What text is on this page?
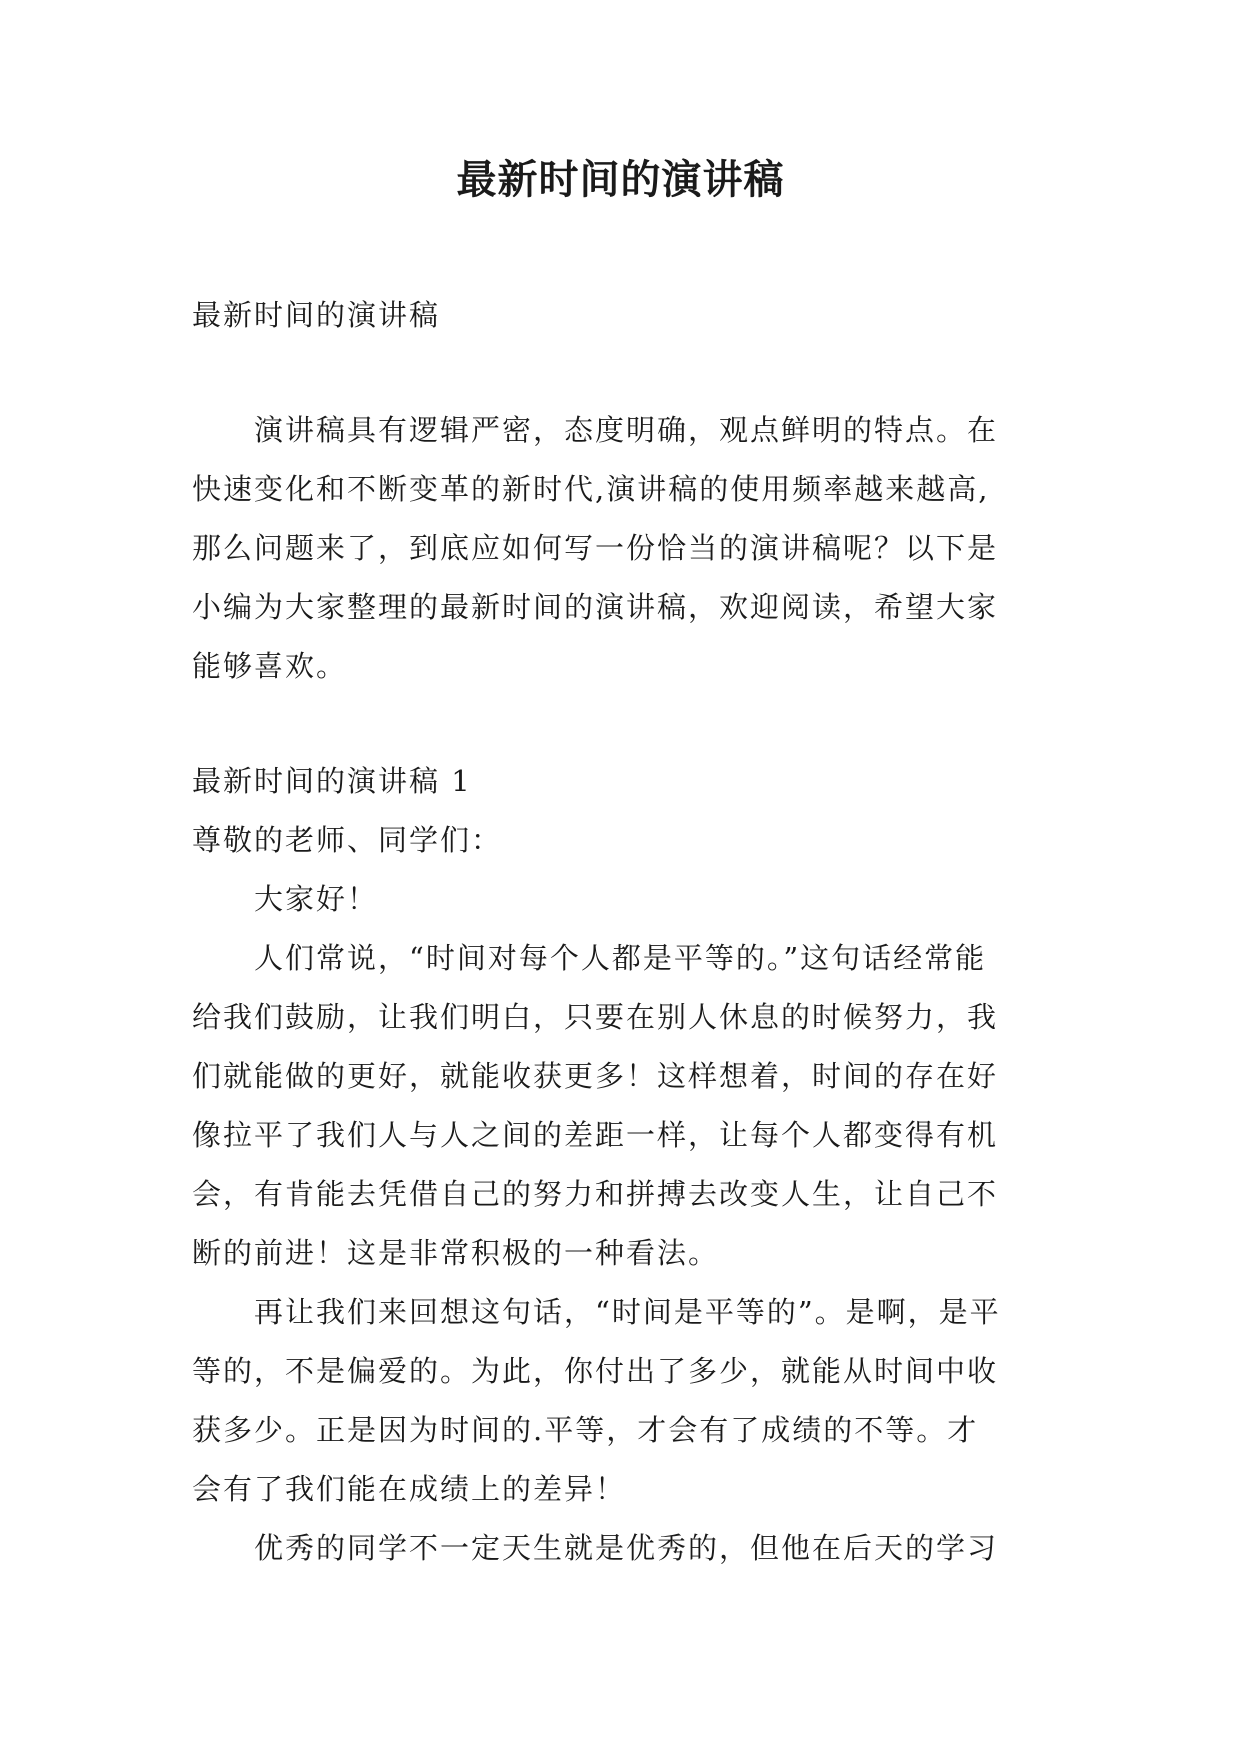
最新时间的演讲稿

最新时间的演讲稿

演讲稿具有逻辑严密，态度明确，观点鲜明的特点。在

快速变化和不断变革的新时代,演讲稿的使用频率越来越高,

那么问题来了，到底应如何写一份恰当的演讲稿呢？以下是

小编为大家整理的最新时间的演讲稿，欢迎阅读，希望大家

能够喜欢。

最新时间的演讲稿 1

尊敬的老师、同学们：

大家好！

人们常说，“时间对每个人都是平等的。”这句话经常能

给我们鼓励，让我们明白，只要在别人休息的时候努力，我

们就能做的更好，就能收获更多！这样想着，时间的存在好

像拉平了我们人与人之间的差距一样，让每个人都变得有机

会，有肯能去凭借自己的努力和拼搏去改变人生，让自己不

断的前进！这是非常积极的一种看法。

再让我们来回想这句话，“时间是平等的”。是啊，是平

等的，不是偏爱的。为此，你付出了多少，就能从时间中收

获多少。正是因为时间的.平等，才会有了成绩的不等。才

会有了我们能在成绩上的差异！

优秀的同学不一定天生就是优秀的，但他在后天的学习
